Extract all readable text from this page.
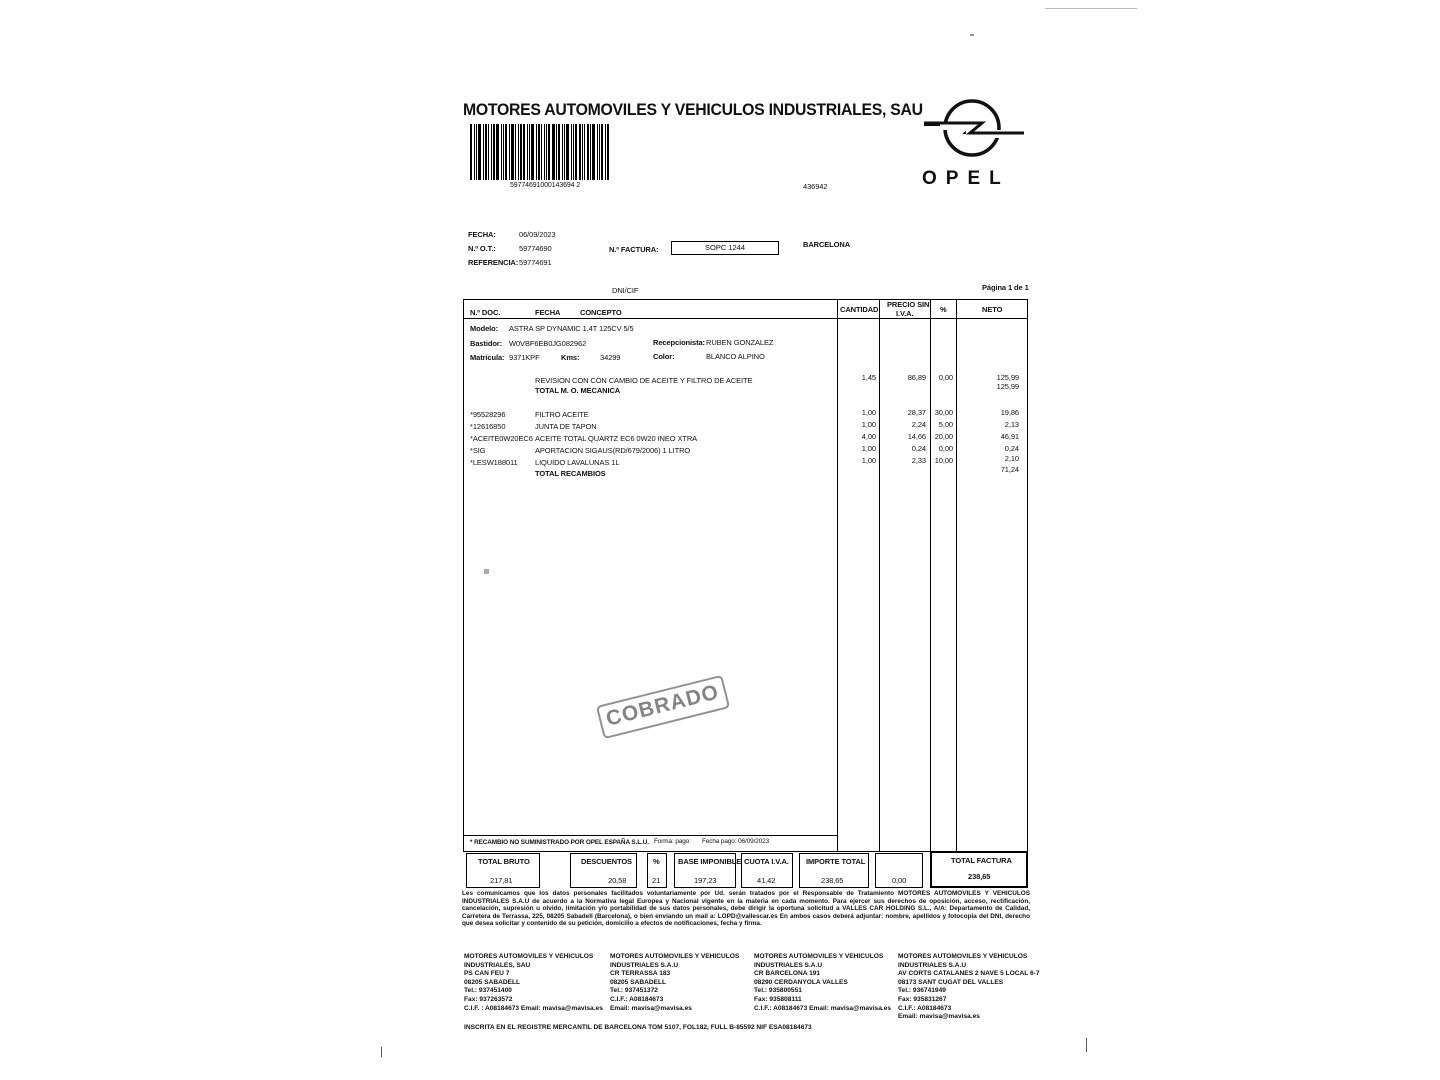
MOTORES AUTOMOVILES Y VEHICULOS INDUSTRIALES, SAU
59774691000143694 2	436942	OPEL
FECHA:	06/09/2023
N.º O.T.:	59774690
REFERENCIA: 59774691
N.º FACTURA:	SOPC 1244	BARCELONA
DNI/CIF	Página 1 de 1
N.º DOC.	FECHA	CONCEPTO	CANTIDAD
PRECIO SIN
I.V.A.	%	NETO
Modelo: ASTRA SP DYNAMIC 1.4T 125CV 5/5
Bastidor: W0VBF6EB0JG082962	Recepcionista: RUBEN GONZALEZ
Matrícula: 9371KPF	Kms:	34299	Color:	BLANCO ALPINO
REVISION CON CON CAMBIO DE ACEITE Y FILTRO DE ACEITE	1,45	86,89	0,00	125,99
TOTAL M. O. MECANICA	125,99
*95528296	FILTRO ACEITE	1,00	28,37	30,00	19,86
*12616850	JUNTA DE TAPON	1,00	2,24	5,00	2,13
*ACEITE0W20EC6 ACEITE TOTAL QUARTZ EC6 0W20 INEO XTRA	4,00	14,66	20,00	46,91
*SIG	APORTACION SIGAUS(RD/679/2006) 1 LITRO	1,00	0,24	0,00	0,24
*LESW188011 LIQUIDO LAVALUNAS 1L	1,00	2,33	10,00	2,10
TOTAL RECAMBIOS	71,24
COBRADO
* RECAMBIO NO SUMINISTRADO POR OPEL ESPAÑA S.L.U. Forma: pago: Fecha pago: 06/09/2023
TOTAL BRUTO
217,81
DESCUENTOS
20,58
%
21
BASE IMPONIBLE
197,23
CUOTA I.V.A.
41,42
IMPORTE TOTAL
238,65	0,00
TOTAL FACTURA
238,65
Les comunicamos que los datos personales facilitados voluntariamente por Ud. serán tratados por el Responsable de Tratamiento MOTORES AUTOMOVILES Y VEHICULOS INDUSTRIALES S.A.U de acuerdo a la Normativa legal Europea y Nacional vigente en la materia en cada momento. Para ejercer sus derechos de oposición, acceso, rectificación, cancelación, supresión u olvido, limitación y/o portabilidad de sus datos personales, debe dirigir la oportuna solicitud a VALLES CAR HOLDING S.L., A/A: Departamento de Calidad, Carretera de Terrassa, 225, 08205 Sabadell (Barcelona), o bien enviando un mail a: LOPD@vallescar.es En ambos casos deberá adjuntar: nombre, apellidos y fotocopia del DNI, derecho que desea solicitar y contenido de su petición, domicilio a efectos de notificaciones, fecha y firma.
MOTORES AUTOMOVILES Y VEHICULOS
INDUSTRIALES, SAU
PS CAN FEU 7
08205 SABADELL
Tel.: 937451400
Fax: 937263572
C.I.F. : A08184673 Email: mavisa@mavisa.es
MOTORES AUTOMOVILES Y VEHICULOS
INDUSTRIALES S.A.U
CR TERRASSA 183
08205 SABADELL
Tel.: 937451372
C.I.F.: A08184673
Email: mavisa@mavisa.es
MOTORES AUTOMOVILES Y VEHICULOS
INDUSTRIALES S.A.U
CR BARCELONA 191
08290 CERDANYOLA VALLES
Tel.: 935800551
Fax: 935808111
C.I.F.: A08184673 Email: mavisa@mavisa.es
MOTORES AUTOMOVILES Y VEHICULOS
INDUSTRIALES S.A.U
AV CORTS CATALANES 2 NAVE 5 LOCAL 6-7
08173 SANT CUGAT DEL VALLES
Tel.: 936741949
Fax: 935831267
C.I.F.: A08184673
Email: mavisa@mavisa.es
INSCRITA EN EL REGISTRE MERCANTIL DE BARCELONA TOM 5107, FOL182, FULL B-85592 NIF ESA08184673
